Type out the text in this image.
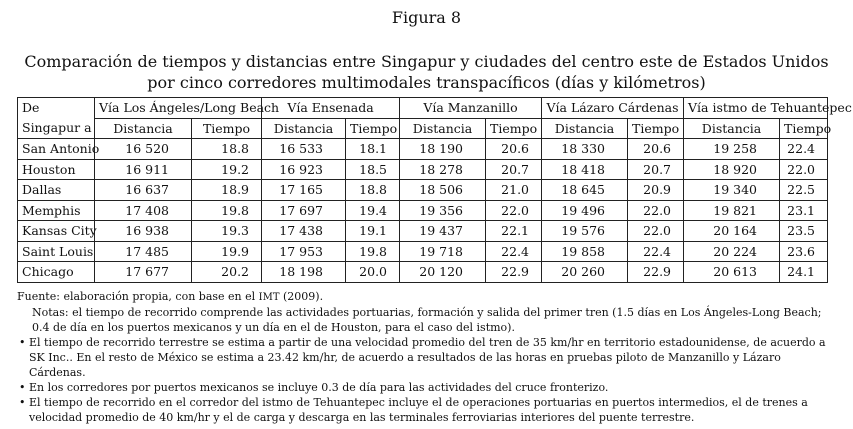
Figura 8
Comparación de tiempos y distancias entre Singapur y ciudades del centro este de Estados Unidos
por cinco corredores multimodales transpacíficos (días y kilómetros)
De
Singapur a	Vía Los Ángeles/Long Beach		Vía Ensenada		Vía Manzanillo		Vía Lázaro Cárdenas		Vía istmo de Tehuantepec	
	Distancia	Tiempo	Distancia	Tiempo	Distancia	Tiempo	Distancia	Tiempo	Distancia	Tiempo
San Antonio	16 520	18.8	16 533	18.1	18 190	20.6	18 330	20.6	19 258	22.4
Houston	16 911	19.2	16 923	18.5	18 278	20.7	18 418	20.7	18 920	22.0
Dallas	16 637	18.9	17 165	18.8	18 506	21.0	18 645	20.9	19 340	22.5
Memphis	17 408	19.8	17 697	19.4	19 356	22.0	19 496	22.0	19 821	23.1
Kansas City	16 938	19.3	17 438	19.1	19 437	22.1	19 576	22.0	20 164	23.5
Saint Louis	17 485	19.9	17 953	19.8	19 718	22.4	19 858	22.4	20 224	23.6
Chicago	17 677	20.2	18 198	20.0	20 120	22.9	20 260	22.9	20 613	24.1

Fuente: elaboración propia, con base en el IMT (2009).

Notas: el tiempo de recorrido comprende las actividades portuarias, formación y salida del primer tren (1.5 días en Los Ángeles-Long Beach; 0.4 de día en los puertos mexicanos y un día en el de Houston, para el caso del istmo).

• El tiempo de recorrido terrestre se estima a partir de una velocidad promedio del tren de 35 km/hr en territorio estadounidense, de acuerdo a SK Inc.. En el resto de México se estima a 23.42 km/hr, de acuerdo a resultados de las horas en pruebas piloto de Manzanillo y Lázaro Cárdenas.

• En los corredores por puertos mexicanos se incluye 0.3 de día para las actividades del cruce fronterizo.

• El tiempo de recorrido en el corredor del istmo de Tehuantepec incluye el de operaciones portuarias en puertos intermedios, el de trenes a velocidad promedio de 40 km/hr y el de carga y descarga en las terminales ferroviarias interiores del puente terrestre.
